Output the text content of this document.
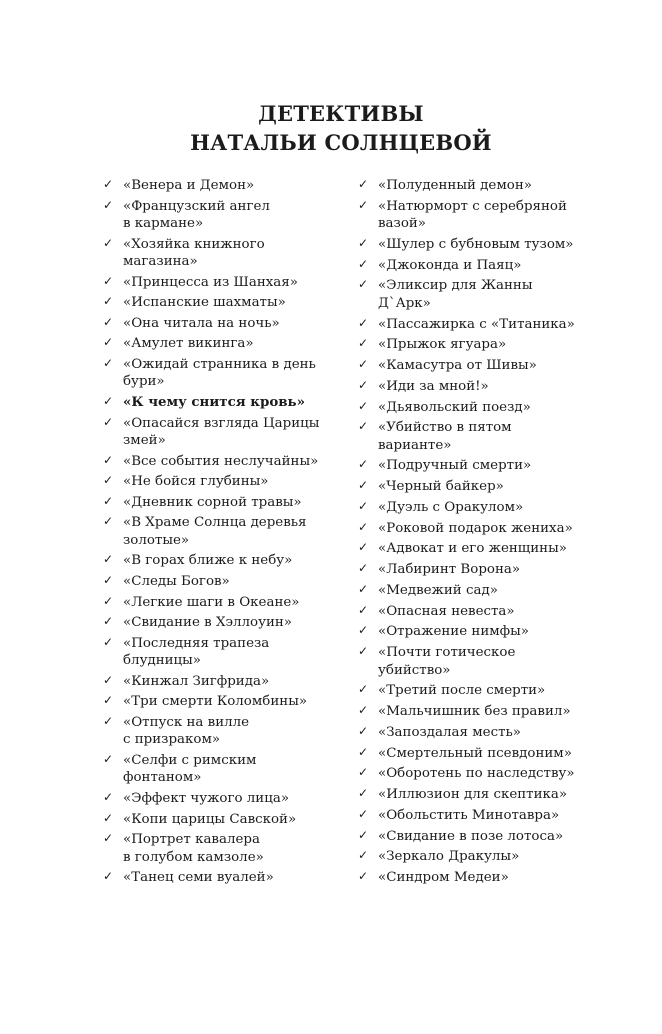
ДЕТЕКТИВЫ
НАТАЛЬИ СОЛНЦЕВОЙ
✓
«Венера и Демон»
✓
«Французский ангел
в кармане»
✓
«Хозяйка книжного
магазина»
✓
«Принцесса из Шанхая»
✓
«Испанские шахматы»
✓
«Она читала на ночь»
✓
«Амулет викинга»
✓
«Ожидай странника в день
бури»
✓
«К чему снится кровь»
✓
«Опасайся взгляда Царицы
змей»
✓
«Все события неслучайны»
✓
«Не бойся глубины»
✓
«Дневник сорной травы»
✓
«В Храме Солнца деревья
золотые»
✓
«В горах ближе к небу»
✓
«Следы Богов»
✓
«Легкие шаги в Океане»
✓
«Свидание в Хэллоуин»
✓
«Последняя трапеза
блудницы»
✓
«Кинжал Зигфрида»
✓
«Три смерти Коломбины»
✓
«Отпуск на вилле
с призраком»
✓
«Селфи с римским
фонтаном»
✓
«Эффект чужого лица»
✓
«Копи царицы Савской»
✓
«Портрет кавалера
в голубом камзоле»
✓
«Танец семи вуалей»
✓
«Полуденный демон»
✓
«Натюрморт с серебряной
вазой»
✓
«Шулер с бубновым тузом»
✓
«Джоконда и Паяц»
✓
«Эликсир для Жанны
Д`Арк»
✓
«Пассажирка с «Титаника»
✓
«Прыжок ягуара»
✓
«Камасутра от Шивы»
✓
«Иди за мной!»
✓
«Дьявольский поезд»
✓
«Убийство в пятом
варианте»
✓
«Подручный смерти»
✓
«Черный байкер»
✓
«Дуэль с Оракулом»
✓
«Роковой подарок жениха»
✓
«Адвокат и его женщины»
✓
«Лабиринт Ворона»
✓
«Медвежий сад»
✓
«Опасная невеста»
✓
«Отражение нимфы»
✓
«Почти готическое
убийство»
✓
«Третий после смерти»
✓
«Мальчишник без правил»
✓
«Запоздалая месть»
✓
«Смертельный псевдоним»
✓
«Оборотень по наследству»
✓
«Иллюзион для скептика»
✓
«Обольстить Минотавра»
✓
«Свидание в позе лотоса»
✓
«Зеркало Дракулы»
✓
«Синдром Медеи»
